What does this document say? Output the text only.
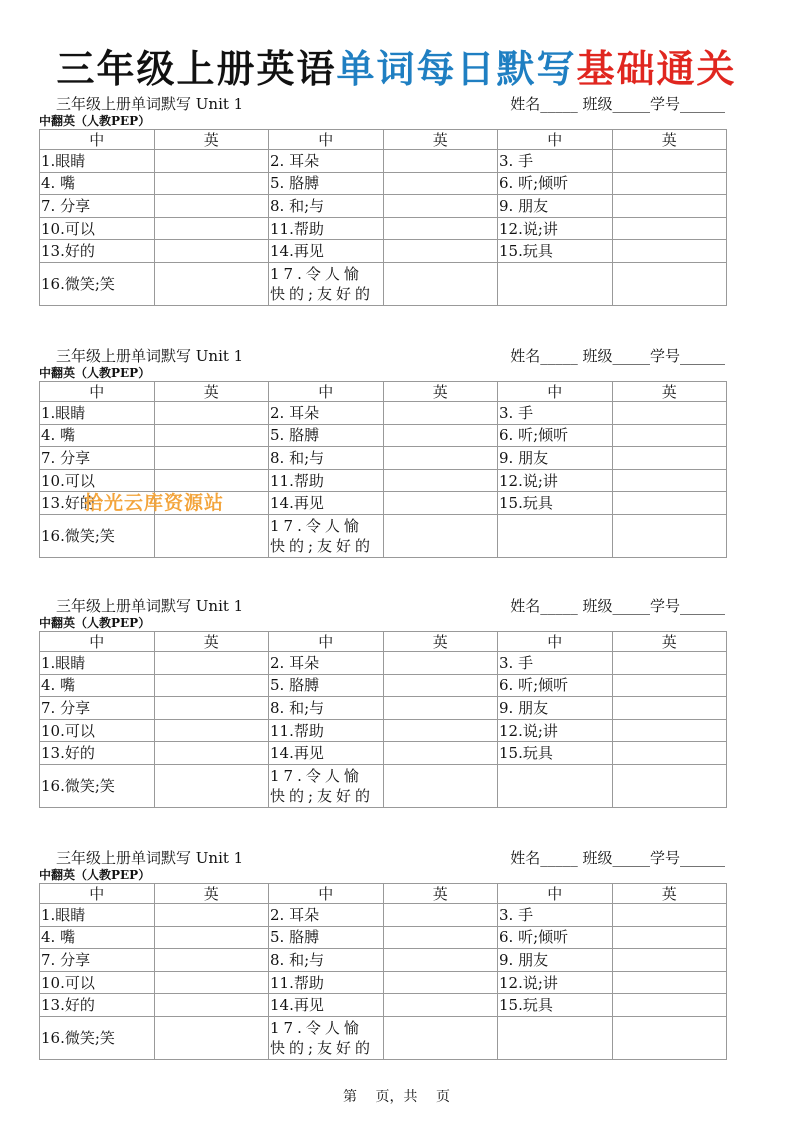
三年级上册英语单词每日默写基础通关
三年级上册单词默写 Unit 1	姓名_____ 班级_____学号______
中翻英（人教PEP）
中	英	中	英	中	英
1.眼睛		2. 耳朵		3. 手	
4. 嘴		5. 胳膊		6. 听;倾听	
7. 分享		8. 和;与		9. 朋友	
10.可以		11.帮助		12.说;讲	
13.好的		14.再见		15.玩具	
16.微笑;笑		17.令人愉快的;友好的			
三年级上册单词默写 Unit 1	姓名_____ 班级_____学号______
中翻英（人教PEP）
中	英	中	英	中	英
1.眼睛		2. 耳朵		3. 手	
4. 嘴		5. 胳膊		6. 听;倾听	
7. 分享		8. 和;与		9. 朋友	
10.可以		11.帮助		12.说;讲	
13.好的		14.再见		15.玩具	
16.微笑;笑		17.令人愉快的;友好的			
三年级上册单词默写 Unit 1	姓名_____ 班级_____学号______
中翻英（人教PEP）
中	英	中	英	中	英
1.眼睛		2. 耳朵		3. 手	
4. 嘴		5. 胳膊		6. 听;倾听	
7. 分享		8. 和;与		9. 朋友	
10.可以		11.帮助		12.说;讲	
13.好的		14.再见		15.玩具	
16.微笑;笑		17.令人愉快的;友好的			
三年级上册单词默写 Unit 1	姓名_____ 班级_____学号______
中翻英（人教PEP）
中	英	中	英	中	英
1.眼睛		2. 耳朵		3. 手	
4. 嘴		5. 胳膊		6. 听;倾听	
7. 分享		8. 和;与		9. 朋友	
10.可以		11.帮助		12.说;讲	
13.好的		14.再见		15.玩具	
16.微笑;笑		17.令人愉快的;友好的			
拾光云库资源站
第　 页，共　 页
